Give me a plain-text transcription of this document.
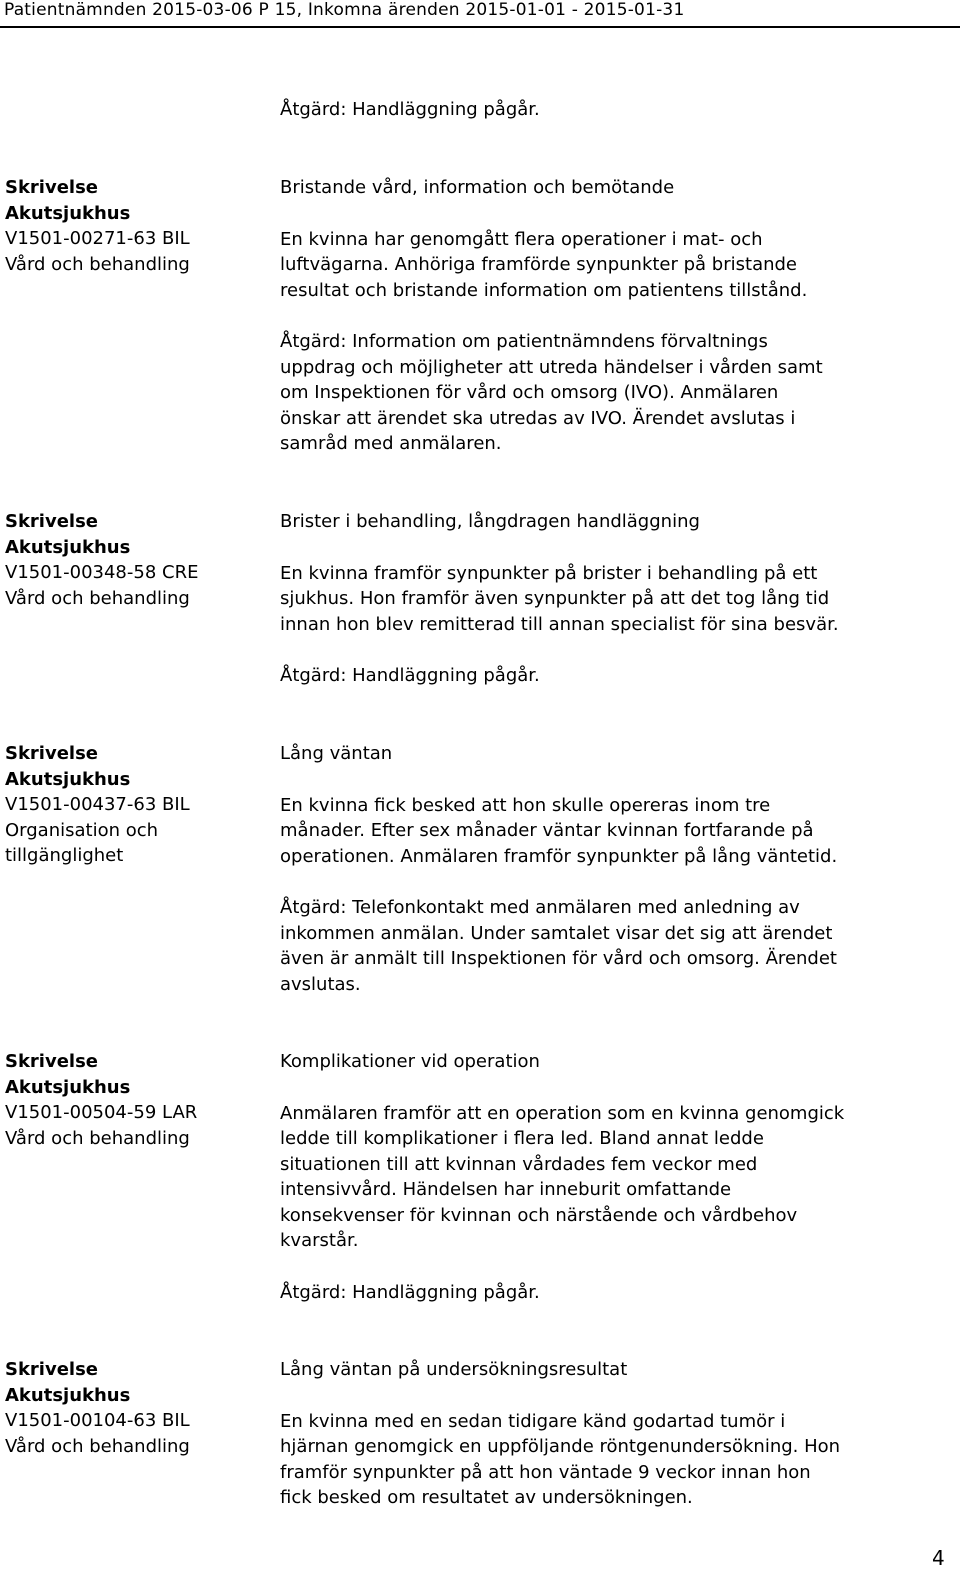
Patientnämnden 2015-03-06 P 15, Inkomna ärenden 2015-01-01 - 2015-01-31
Åtgärd: Handläggning pågår.
Skrivelse
Akutsjukhus
V1501-00271-63 BIL
Vård och behandling
Bristande vård, information och bemötande
En kvinna har genomgått flera operationer i mat- och
luftvägarna. Anhöriga framförde synpunkter på bristande
resultat och bristande information om patientens tillstånd.
Åtgärd: Information om patientnämndens förvaltnings
uppdrag och möjligheter att utreda händelser i vården samt
om Inspektionen för vård och omsorg (IVO). Anmälaren
önskar att ärendet ska utredas av IVO. Ärendet avslutas i
samråd med anmälaren.
Skrivelse
Akutsjukhus
V1501-00348-58 CRE
Vård och behandling
Brister i behandling, långdragen handläggning
En kvinna framför synpunkter på brister i behandling på ett
sjukhus. Hon framför även synpunkter på att det tog lång tid
innan hon blev remitterad till annan specialist för sina besvär.
Åtgärd: Handläggning pågår.
Skrivelse
Akutsjukhus
V1501-00437-63 BIL
Organisation och
tillgänglighet
Lång väntan
En kvinna fick besked att hon skulle opereras inom tre
månader. Efter sex månader väntar kvinnan fortfarande på
operationen. Anmälaren framför synpunkter på lång väntetid.
Åtgärd: Telefonkontakt med anmälaren med anledning av
inkommen anmälan. Under samtalet visar det sig att ärendet
även är anmält till Inspektionen för vård och omsorg. Ärendet
avslutas.
Skrivelse
Akutsjukhus
V1501-00504-59 LAR
Vård och behandling
Komplikationer vid operation
Anmälaren framför att en operation som en kvinna genomgick
ledde till komplikationer i flera led. Bland annat ledde
situationen till att kvinnan vårdades fem veckor med
intensivvård. Händelsen har inneburit omfattande
konsekvenser för kvinnan och närstående och vårdbehov
kvarstår.
Åtgärd: Handläggning pågår.
Skrivelse
Akutsjukhus
V1501-00104-63 BIL
Vård och behandling
Lång väntan på undersökningsresultat
En kvinna med en sedan tidigare känd godartad tumör i
hjärnan genomgick en uppföljande röntgenundersökning. Hon
framför synpunkter på att hon väntade 9 veckor innan hon
fick besked om resultatet av undersökningen.
4
